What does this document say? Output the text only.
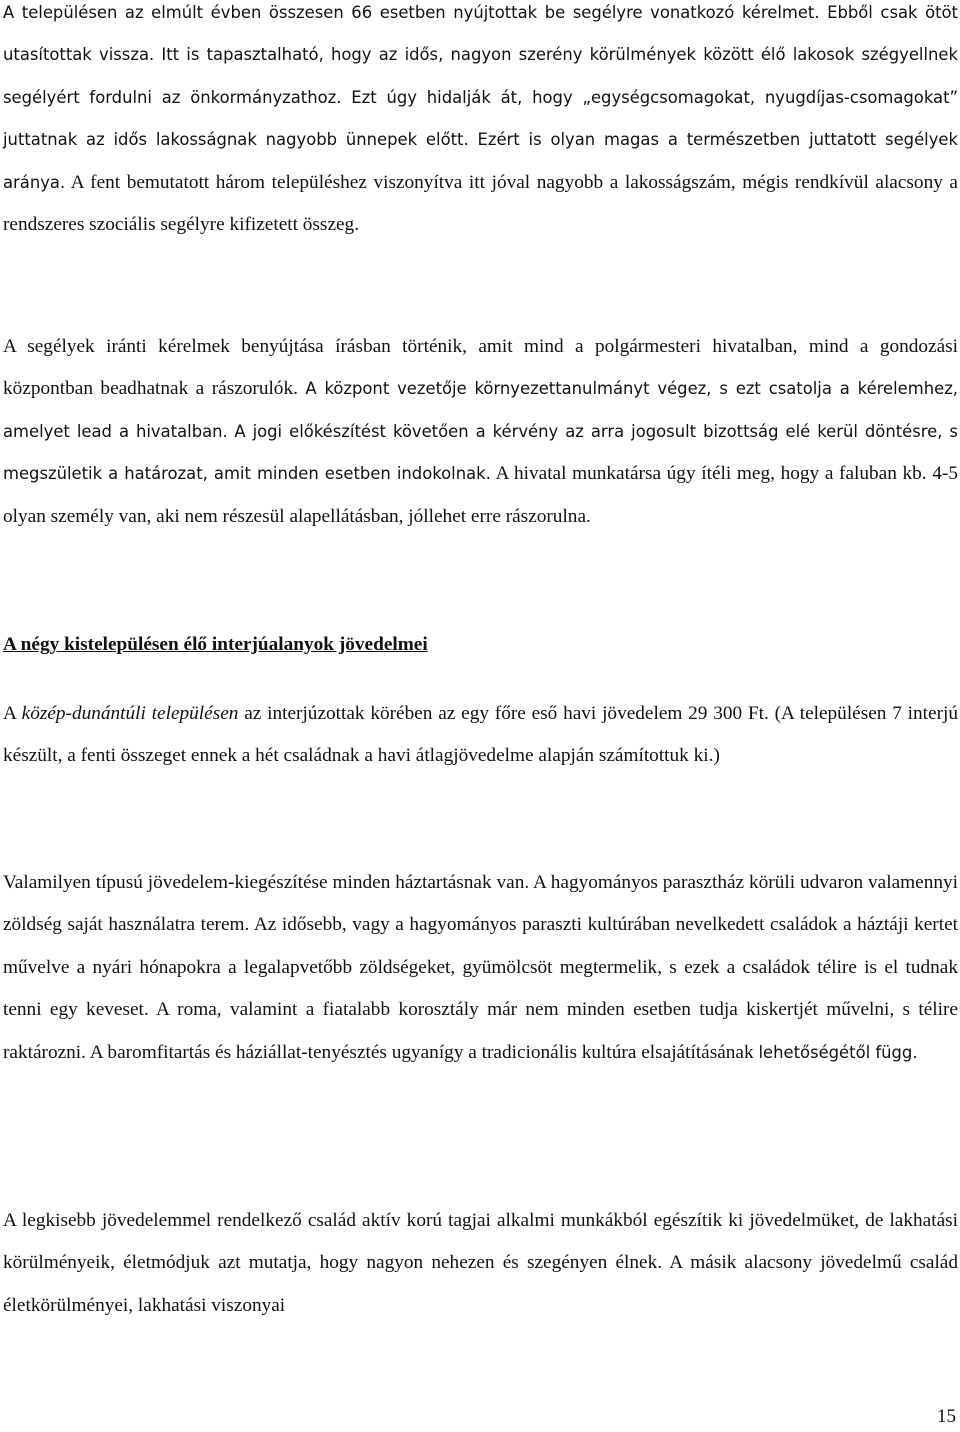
A településen az elmúlt évben összesen 66 esetben nyújtottak be segélyre vonatkozó kérelmet. Ebből csak ötöt utasítottak vissza. Itt is tapasztalható, hogy az idős, nagyon szerény körülmények között élő lakosok szégyellnek segélyért fordulni az önkormányzathoz. Ezt úgy hidalják át, hogy „egységcsomagokat, nyugdíjas-csomagokat” juttatnak az idős lakosságnak nagyobb ünnepek előtt. Ezért is olyan magas a természetben juttatott segélyek aránya. A fent bemutatott három településhez viszonyítva itt jóval nagyobb a lakosságszám, mégis rendkívül alacsony a rendszeres szociális segélyre kifizetett összeg.

A segélyek iránti kérelmek benyújtása írásban történik, amit mind a polgármesteri hivatalban, mind a gondozási központban beadhatnak a rászorulók. A központ vezetője környezettanulmányt végez, s ezt csatolja a kérelemhez, amelyet lead a hivatalban. A jogi előkészítést követően a kérvény az arra jogosult bizottság elé kerül döntésre, s megszületik a határozat, amit minden esetben indokolnak. A hivatal munkatársa úgy ítéli meg, hogy a faluban kb. 4-5 olyan személy van, aki nem részesül alapellátásban, jóllehet erre rászorulna.

A négy kistelepülésen élő interjúalanyok jövedelmei

A közép-dunántúli településen az interjúzottak körében az egy főre eső havi jövedelem 29 300 Ft. (A településen 7 interjú készült, a fenti összeget ennek a hét családnak a havi átlagjövedelme alapján számítottuk ki.)

Valamilyen típusú jövedelem-kiegészítése minden háztartásnak van. A hagyományos parasztház körüli udvaron valamennyi zöldség saját használatra terem. Az idősebb, vagy a hagyományos paraszti kultúrában nevelkedett családok a háztáji kertet művelve a nyári hónapokra a legalapvetőbb zöldségeket, gyümölcsöt megtermelik, s ezek a családok télire is el tudnak tenni egy keveset. A roma, valamint a fiatalabb korosztály már nem minden esetben tudja kiskertjét művelni, s télire raktározni. A baromfitartás és háziállat-tenyésztés ugyanígy a tradicionális kultúra elsajátításának lehetőségétől függ.

A legkisebb jövedelemmel rendelkező család aktív korú tagjai alkalmi munkákból egészítik ki jövedelmüket, de lakhatási körülményeik, életmódjuk azt mutatja, hogy nagyon nehezen és szegényen élnek. A másik alacsony jövedelmű család életkörülményei, lakhatási viszonyai

15
